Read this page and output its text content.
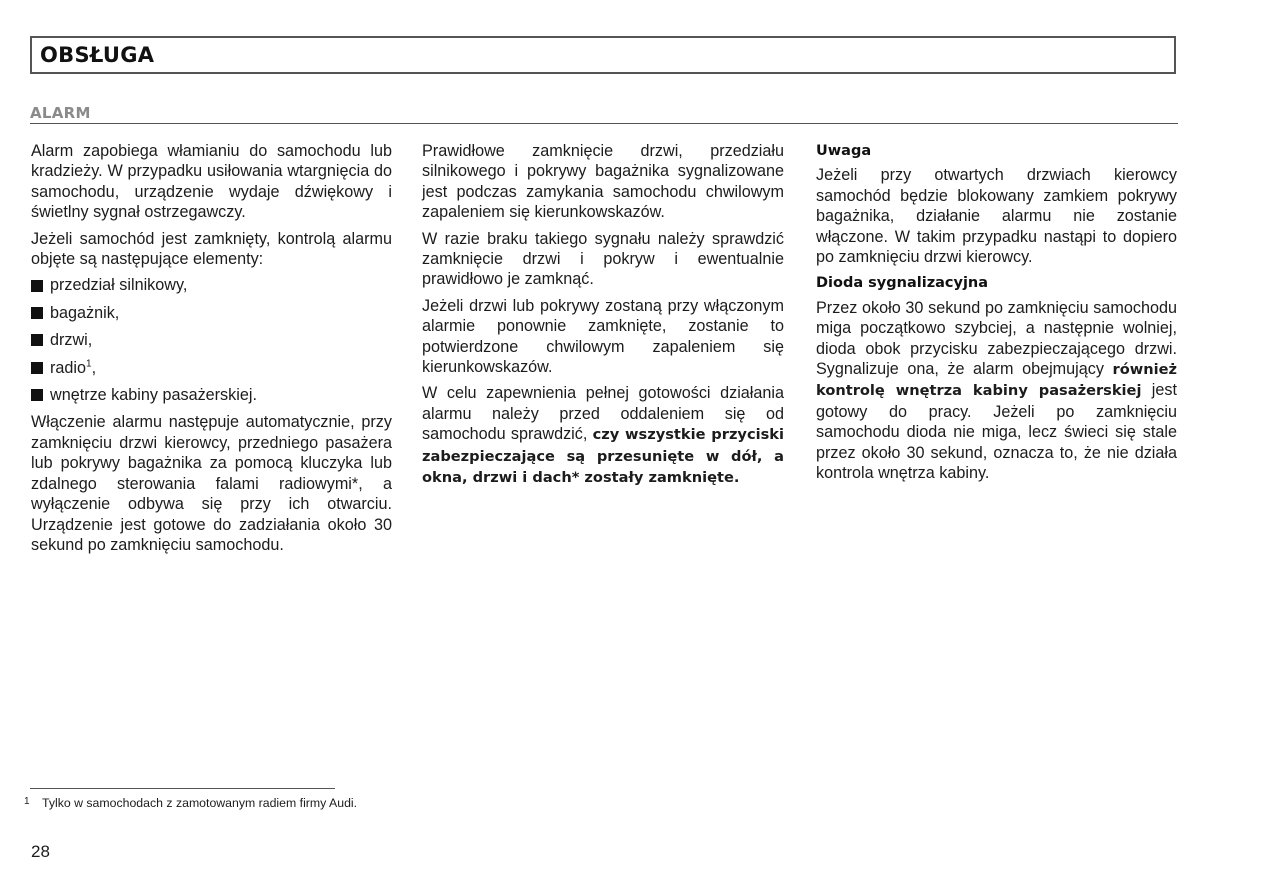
OBSŁUGA
ALARM

Alarm zapobiega włamianiu do samochodu lub kradzieży. W przypadku usiłowania wtargnięcia do samochodu, urządzenie wydaje dźwiękowy i świetlny sygnał ostrzegawczy.

Jeżeli samochód jest zamknięty, kontrolą alarmu objęte są następujące elementy:

przedział silnikowy,
bagażnik,
drzwi,
radio$^1$,
wnętrze kabiny pasażerskiej.

Włączenie alarmu następuje automatycznie, przy zamknięciu drzwi kierowcy, przedniego pasażera lub pokrywy bagażnika za pomocą kluczyka lub zdalnego sterowania falami radiowymi*, a wyłączenie odbywa się przy ich otwarciu. Urządzenie jest gotowe do zadziałania około 30 sekund po zamknięciu samochodu.

Prawidłowe zamknięcie drzwi, przedziału silnikowego i pokrywy bagażnika sygnalizowane jest podczas zamykania samochodu chwilowym zapaleniem się kierunkowskazów.

W razie braku takiego sygnału należy sprawdzić zamknięcie drzwi i pokryw i ewentualnie prawidłowo je zamknąć.

Jeżeli drzwi lub pokrywy zostaną przy włączonym alarmie ponownie zamknięte, zostanie to potwierdzone chwilowym zapaleniem się kierunkowskazów.

W celu zapewnienia pełnej gotowości działania alarmu należy przed oddaleniem się od samochodu sprawdzić, czy wszystkie przyciski zabezpieczające są przesunięte w dół, a okna, drzwi i dach* zostały zamknięte.

Uwaga

Jeżeli przy otwartych drzwiach kierowcy samochód będzie blokowany zamkiem pokrywy bagażnika, działanie alarmu nie zostanie włączone. W takim przypadku nastąpi to dopiero po zamknięciu drzwi kierowcy.

Dioda sygnalizacyjna

Przez około 30 sekund po zamknięciu samochodu miga początkowo szybciej, a następnie wolniej, dioda obok przycisku zabezpieczającego drzwi. Sygnalizuje ona, że alarm obejmujący również kontrolę wnętrza kabiny pasażerskiej jest gotowy do pracy. Jeżeli po zamknięciu samochodu dioda nie miga, lecz świeci się stale przez około 30 sekund, oznacza to, że nie działa kontrola wnętrza kabiny.

1	Tylko w samochodach z zamotowanym radiem firmy Audi.
28
